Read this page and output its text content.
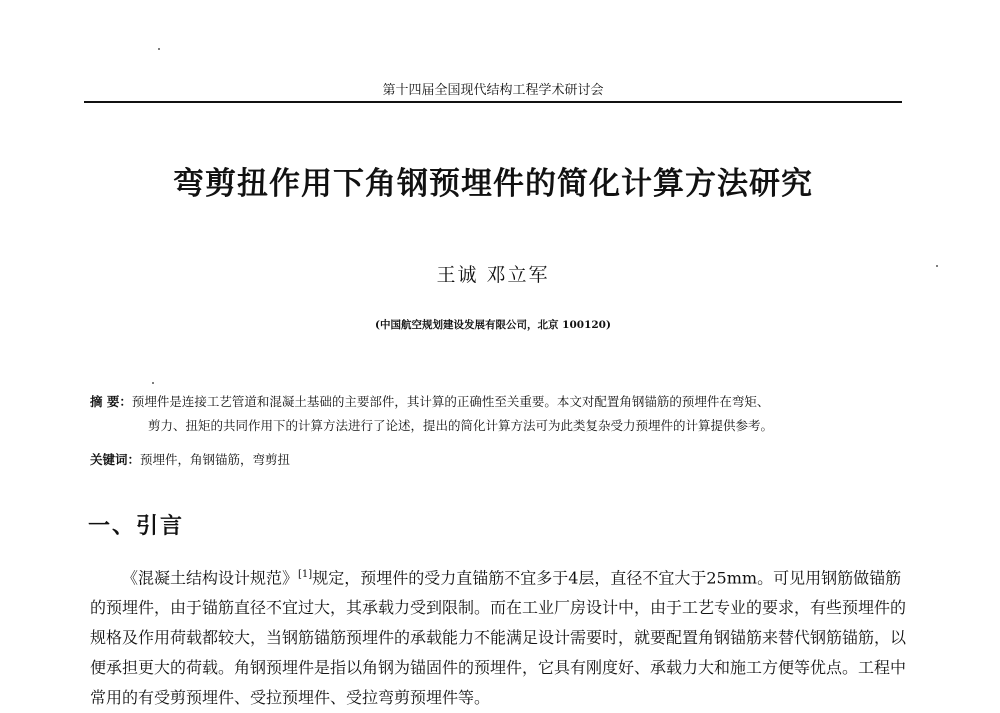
第十四届全国现代结构工程学术研讨会
弯剪扭作用下角钢预埋件的简化计算方法研究
王诚 邓立军
(中国航空规划建设发展有限公司，北京 100120)
摘 要：预埋件是连接工艺管道和混凝土基础的主要部件，其计算的正确性至关重要。本文对配置角钢锚筋的预埋件在弯矩、
剪力、扭矩的共同作用下的计算方法进行了论述，提出的简化计算方法可为此类复杂受力预埋件的计算提供参考。
关键词：预埋件，角钢锚筋，弯剪扭
一、引言

《混凝土结构设计规范》[1]规定，预埋件的受力直锚筋不宜多于4层，直径不宜大于25mm。可见用钢筋做锚筋的预埋件，由于锚筋直径不宜过大，其承载力受到限制。而在工业厂房设计中，由于工艺专业的要求，有些预埋件的规格及作用荷载都较大，当钢筋锚筋预埋件的承载能力不能满足设计需要时，就要配置角钢锚筋来替代钢筋锚筋，以便承担更大的荷载。角钢预埋件是指以角钢为锚固件的预埋件，它具有刚度好、承载力大和施工方便等优点。工程中常用的有受剪预埋件、受拉预埋件、受拉弯剪预埋件等。
